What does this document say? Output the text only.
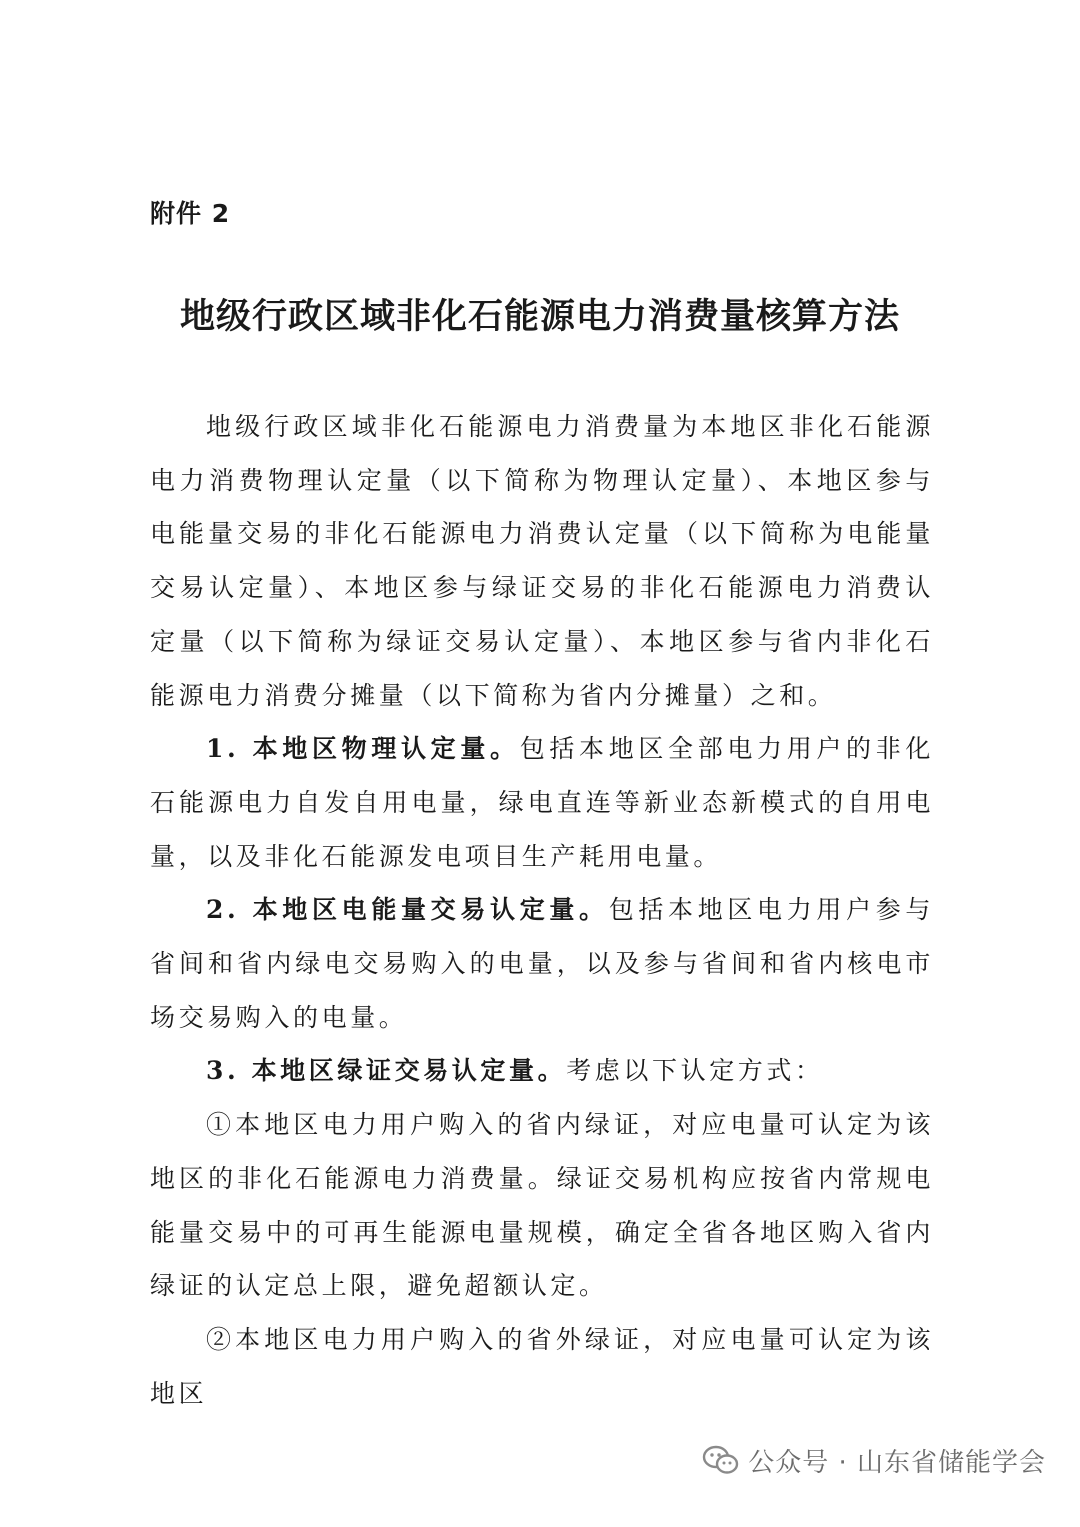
附件 2
地级行政区域非化石能源电力消费量核算方法

地级行政区域非化石能源电力消费量为本地区非化石能源电力消费物理认定量（以下简称为物理认定量）、本地区参与电能量交易的非化石能源电力消费认定量（以下简称为电能量交易认定量）、本地区参与绿证交易的非化石能源电力消费认定量（以下简称为绿证交易认定量）、本地区参与省内非化石能源电力消费分摊量（以下简称为省内分摊量）之和。

1. 本地区物理认定量。包括本地区全部电力用户的非化石能源电力自发自用电量，绿电直连等新业态新模式的自用电量，以及非化石能源发电项目生产耗用电量。

2. 本地区电能量交易认定量。包括本地区电力用户参与省间和省内绿电交易购入的电量，以及参与省间和省内核电市场交易购入的电量。

3. 本地区绿证交易认定量。考虑以下认定方式：

①本地区电力用户购入的省内绿证，对应电量可认定为该地区的非化石能源电力消费量。绿证交易机构应按省内常规电能量交易中的可再生能源电量规模，确定全省各地区购入省内绿证的认定总上限，避免超额认定。

②本地区电力用户购入的省外绿证，对应电量可认定为该地区

公众号 · 山东省储能学会
